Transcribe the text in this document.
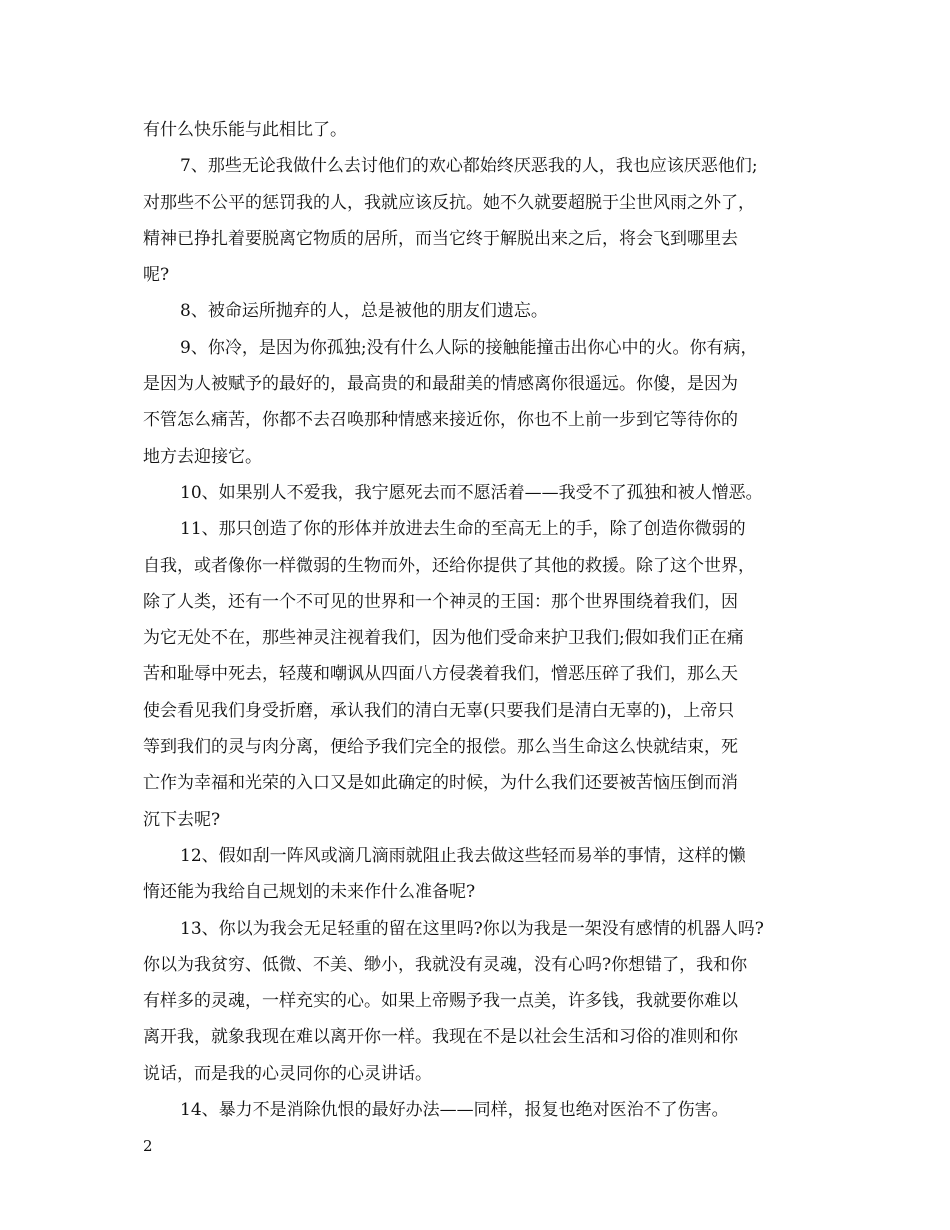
有什么快乐能与此相比了。
7、那些无论我做什么去讨他们的欢心都始终厌恶我的人，我也应该厌恶他们;
对那些不公平的惩罚我的人，我就应该反抗。她不久就要超脱于尘世风雨之外了，
精神已挣扎着要脱离它物质的居所，而当它终于解脱出来之后，将会飞到哪里去
呢?
8、被命运所抛弃的人，总是被他的朋友们遗忘。
9、你冷，是因为你孤独;没有什么人际的接触能撞击出你心中的火。你有病，
是因为人被赋予的最好的，最高贵的和最甜美的情感离你很遥远。你傻，是因为
不管怎么痛苦，你都不去召唤那种情感来接近你，你也不上前一步到它等待你的
地方去迎接它。
10、如果别人不爱我，我宁愿死去而不愿活着——我受不了孤独和被人憎恶。
11、那只创造了你的形体并放进去生命的至高无上的手，除了创造你微弱的
自我，或者像你一样微弱的生物而外，还给你提供了其他的救援。除了这个世界，
除了人类，还有一个不可见的世界和一个神灵的王国：那个世界围绕着我们，因
为它无处不在，那些神灵注视着我们，因为他们受命来护卫我们;假如我们正在痛
苦和耻辱中死去，轻蔑和嘲讽从四面八方侵袭着我们，憎恶压碎了我们，那么天
使会看见我们身受折磨，承认我们的清白无辜(只要我们是清白无辜的)，上帝只
等到我们的灵与肉分离，便给予我们完全的报偿。那么当生命这么快就结束，死
亡作为幸福和光荣的入口又是如此确定的时候，为什么我们还要被苦恼压倒而消
沉下去呢?
12、假如刮一阵风或滴几滴雨就阻止我去做这些轻而易举的事情，这样的懒
惰还能为我给自己规划的未来作什么准备呢?
13、你以为我会无足轻重的留在这里吗?你以为我是一架没有感情的机器人吗?
你以为我贫穷、低微、不美、缈小，我就没有灵魂，没有心吗?你想错了，我和你
有样多的灵魂，一样充实的心。如果上帝赐予我一点美，许多钱，我就要你难以
离开我，就象我现在难以离开你一样。我现在不是以社会生活和习俗的准则和你
说话，而是我的心灵同你的心灵讲话。
14、暴力不是消除仇恨的最好办法——同样，报复也绝对医治不了伤害。
2
